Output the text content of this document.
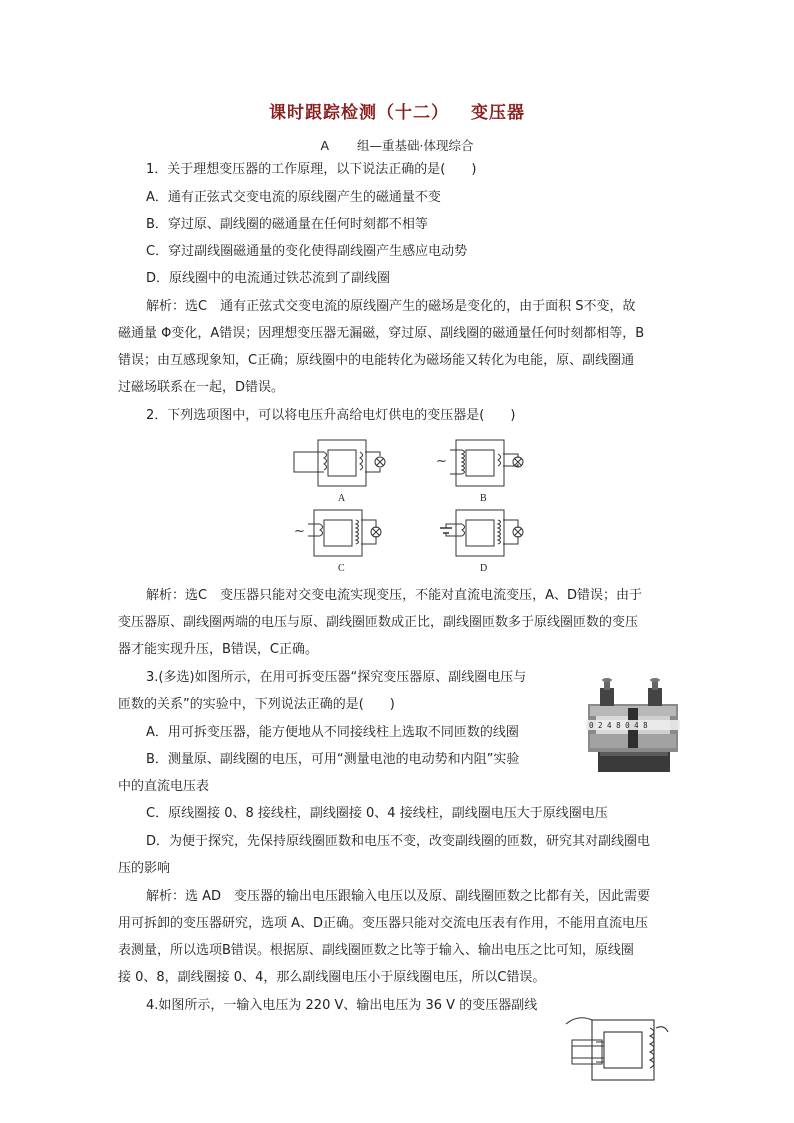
课时跟踪检测（十二） 变压器
A 组—重基础·体现综合
1．关于理想变压器的工作原理，以下说法正确的是(　　)
A．通有正弦式交变电流的原线圈产生的磁通量不变
B．穿过原、副线圈的磁通量在任何时刻都不相等
C．穿过副线圈磁通量的变化使得副线圈产生感应电动势
D．原线圈中的电流通过铁芯流到了副线圈
解析：选C　通有正弦式交变电流的原线圈产生的磁场是变化的，由于面积 S不变，故
磁通量 Φ变化，A错误；因理想变压器无漏磁，穿过原、副线圈的磁通量任何时刻都相等，B
错误；由互感现象知，C正确；原线圈中的电能转化为磁场能又转化为电能，原、副线圈通
过磁场联系在一起，D错误。
2．下列选项图中，可以将电压升高给电灯供电的变压器是(　　)
A
~
B
~
C	D
解析：选C　变压器只能对交变电流实现变压，不能对直流电流变压，A、D错误；由于
变压器原、副线圈两端的电压与原、副线圈匝数成正比，副线圈匝数多于原线圈匝数的变压
器才能实现升压，B错误，C正确。
3.(多选)如图所示，在用可拆变压器“探究变压器原、副线圈电压与
匝数的关系”的实验中，下列说法正确的是(　　)
A．用可拆变压器，能方便地从不同接线柱上选取不同匝数的线圈
B．测量原、副线圈的电压，可用“测量电池的电动势和内阻”实验
中的直流电压表
C．原线圈接 0、8 接线柱，副线圈接 0、4 接线柱，副线圈电压大于原线圈电压
D．为便于探究，先保持原线圈匝数和电压不变，改变副线圈的匝数，研究其对副线圈电
压的影响
0 2 4 8 0 4 8
解析：选 AD　变压器的输出电压跟输入电压以及原、副线圈匝数之比都有关，因此需要
用可拆卸的变压器研究，选项 A、D正确。变压器只能对交流电压表有作用，不能用直流电压
表测量，所以选项B错误。根据原、副线圈匝数之比等于输入、输出电压之比可知，原线圈
接 0、8，副线圈接 0、4，那么副线圈电压小于原线圈电压，所以C错误。
4.如图所示，一输入电压为 220 V、输出电压为 36 V 的变压器副线
